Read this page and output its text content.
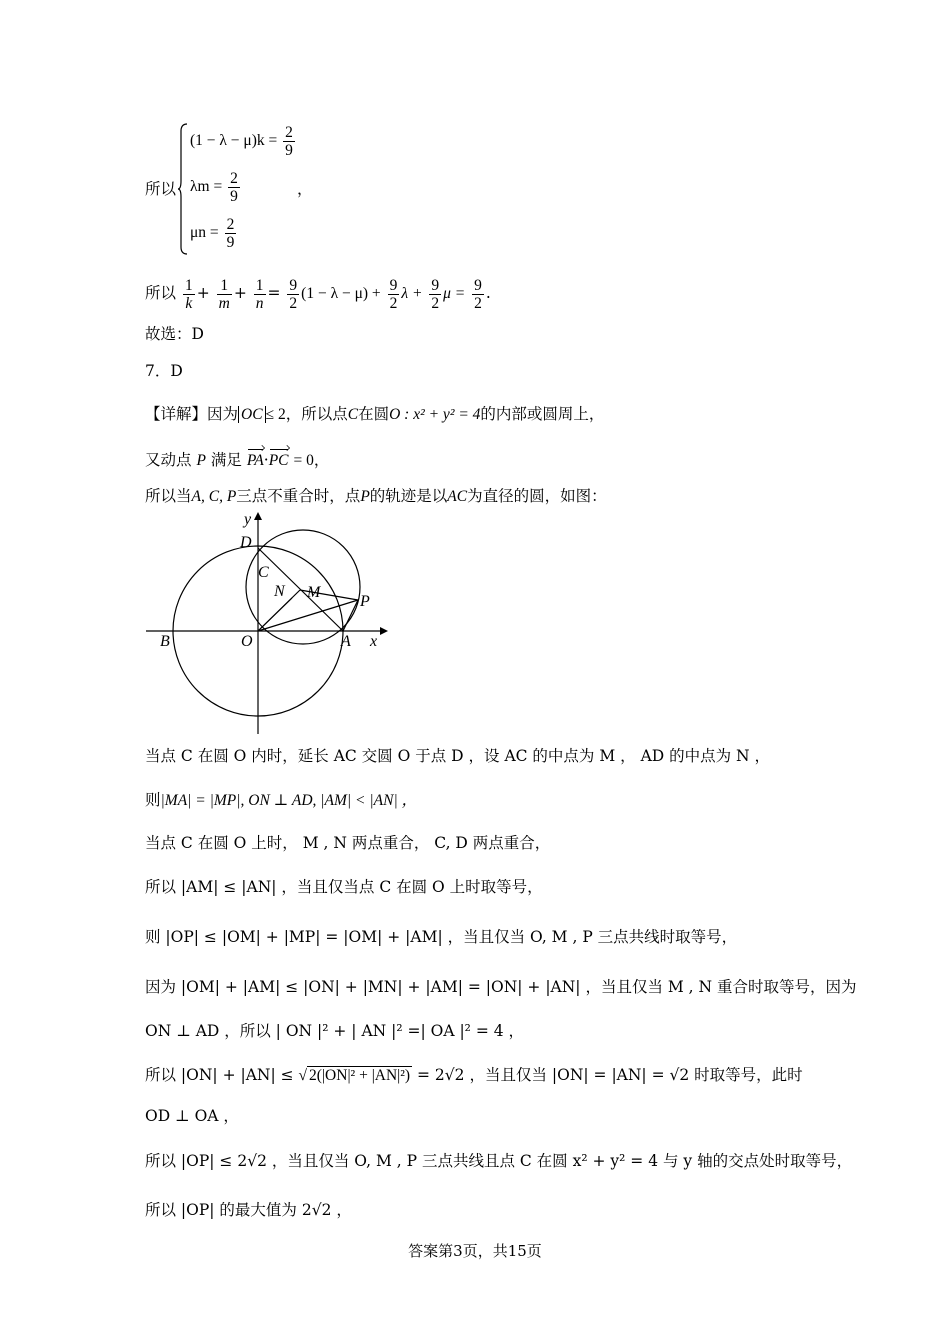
所以
$(1 - \lambda - \mu)k = \frac{2}{9}$
$\lambda m = \frac{2}{9}$	，
$\mu n = \frac{2}{9}$
所以 $\frac{1}{k} + \frac{1}{m} + \frac{1}{n} = \frac{9}{2} (1 - \lambda - \mu) + \frac{9}{2}$ $\lambda + \frac{9}{2}$ $\mu = \frac{9}{2}$ .
故选：D
7．D
【详解】因为 OC ≤ 2，所以点C在圆O : x² + y² = 4的内部或圆周上，
又动点 P 满足 PA·PC = 0，
所以当A, C, P三点不重合时，点P的轨迹是以AC为直径的圆，如图：
y
x
D
C
N M
P
B	O	A
当点 C 在圆 O 内时，延长 AC 交圆 O 于点 D ，设 AC 的中点为 M ， AD 的中点为 N ，
则|MA| = |MP|, ON ⊥ AD, |AM| < |AN| ，
当点 C 在圆 O 上时， M , N 两点重合， C, D 两点重合，
所以 |AM| ≤ |AN| ，当且仅当点 C 在圆 O 上时取等号，
则 |OP| ≤ |OM| + |MP| = |OM| + |AM| ，当且仅当 O, M , P 三点共线时取等号，
因为 |OM| + |AM| ≤ |ON| + |MN| + |AM| = |ON| + |AN| ，当且仅当 M , N 重合时取等号，因为
ON ⊥ AD ，所以 | ON |² + | AN |² =| OA |² = 4 ，
所以 |ON| + |AN| ≤ √ 2(|ON|² + |AN|²) = 2√2 ，当且仅当 |ON| = |AN| = √2 时取等号，此时
OD ⊥ OA ，
所以 |OP| ≤ 2√2 ，当且仅当 O, M , P 三点共线且点 C 在圆 x² + y² = 4 与 y 轴的交点处时取等号，
所以 |OP| 的最大值为 2√2 ，
答案第3页，共15页
